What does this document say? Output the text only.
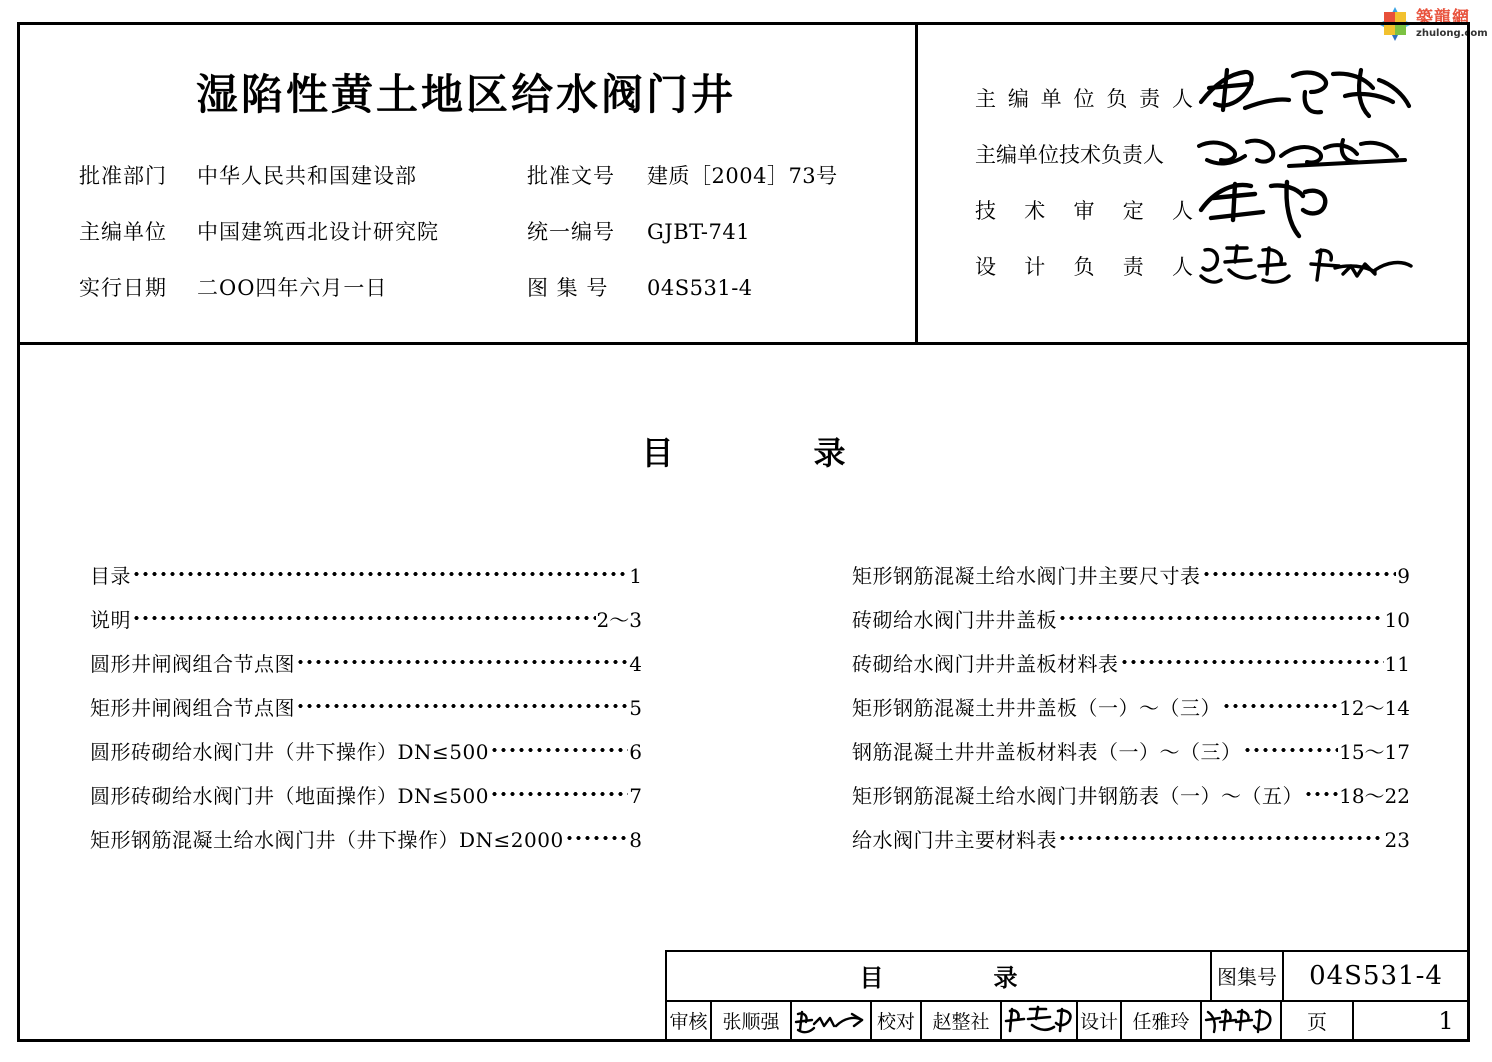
築龍網
zhulong.com
湿陷性黄土地区给水阀门井
批准部门	中华人民共和国建设部	批准文号	建质［2004］73号
主编单位	中国建筑西北设计研究院	统一编号	GJBT-741
实行日期	二OO四年六月一日	图 集 号	04S531-4
主 编 单 位 负 责 人
主 编 单 位 技 术 负 责 人
技 术 审 定 人
设 计 负 责 人
目录
目录	1
说明	2～3
圆形井闸阀组合节点图	4
矩形井闸阀组合节点图	5
圆形砖砌给水阀门井（井下操作）DN≤500	6
圆形砖砌给水阀门井（地面操作）DN≤500	7
矩形钢筋混凝土给水阀门井（井下操作）DN≤2000	8
矩形钢筋混凝土给水阀门井主要尺寸表	9
砖砌给水阀门井井盖板	10
砖砌给水阀门井井盖板材料表	11
矩形钢筋混凝土井井盖板（一）～（三）	12～14
钢筋混凝土井井盖板材料表（一）～（三）	15～17
矩形钢筋混凝土给水阀门井钢筋表（一）～（五） 18～22
给水阀门井主要材料表	23
目录	图集号	04S531-4
审核 张顺强	校对 赵整社	设计 任雅玲	页	1
